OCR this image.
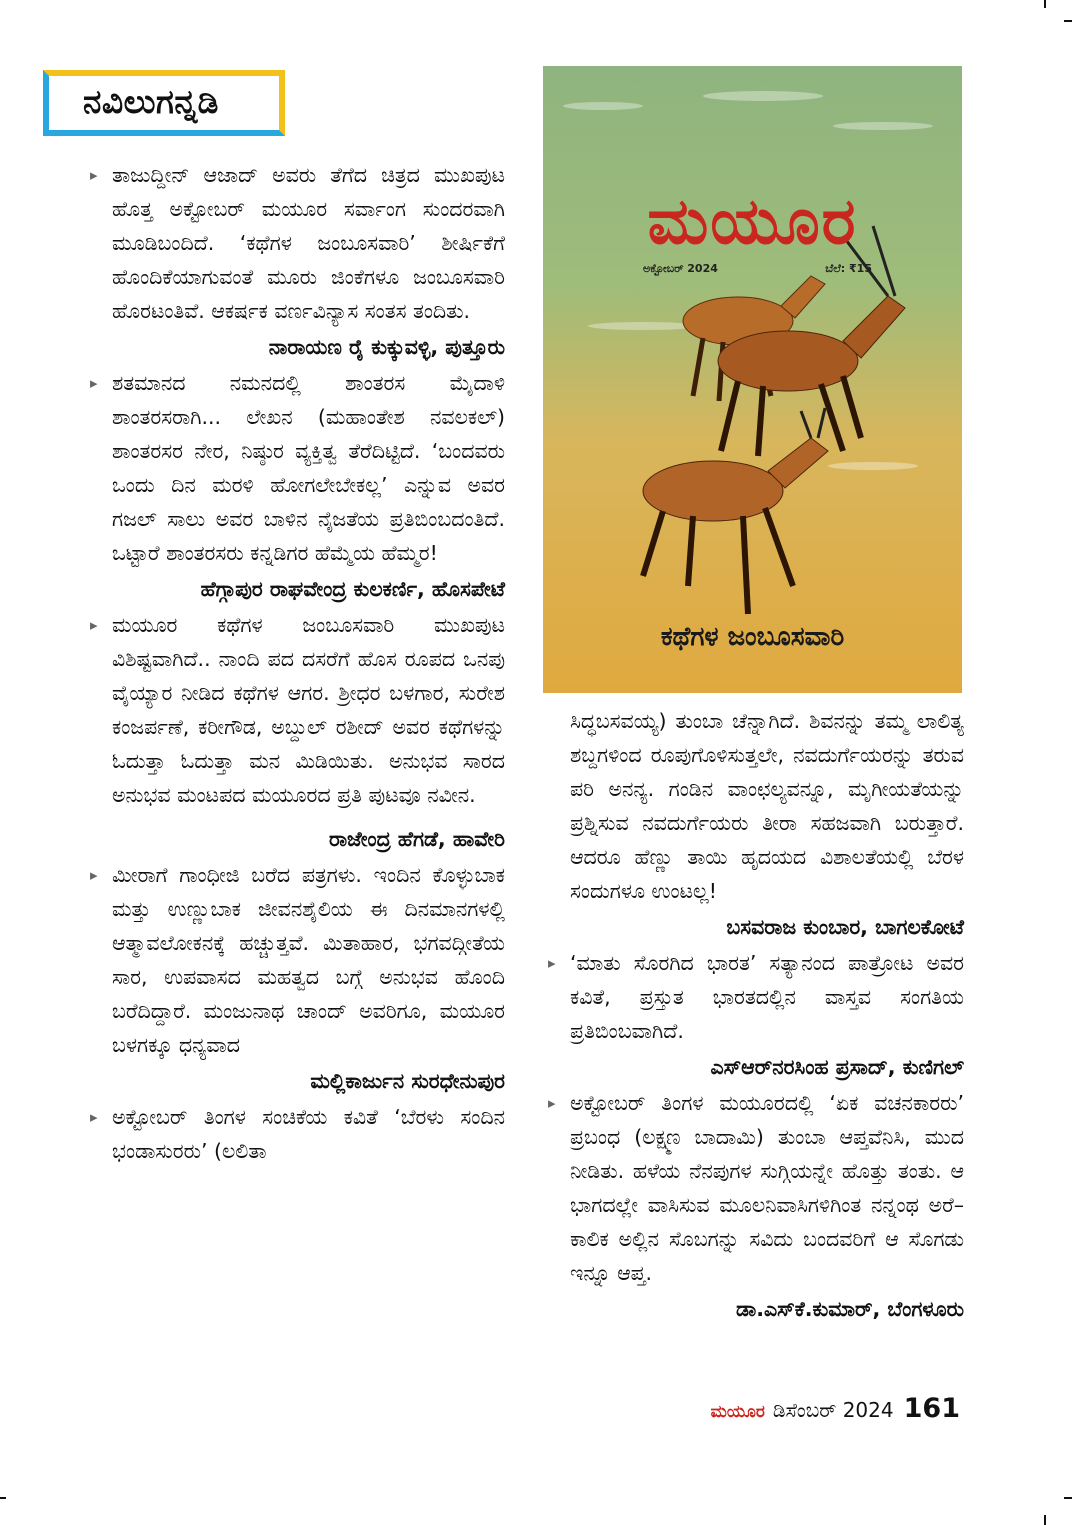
ನವಿಲುಗನ್ನಡಿ
▸ ತಾಜುದ್ದೀನ್ ಆಜಾದ್ ಅವರು ತೆಗೆದ ಚಿತ್ರದ ಮುಖಪುಟ ಹೊತ್ತ ಅಕ್ಟೋಬರ್ ಮಯೂರ ಸರ್ವಾಂಗ ಸುಂದರವಾಗಿ ಮೂಡಿಬಂದಿದೆ. ‘ಕಥೆಗಳ ಜಂಬೂಸವಾರಿ’ ಶೀರ್ಷಿಕೆಗೆ ಹೊಂದಿಕೆಯಾಗುವಂತೆ ಮೂರು ಜಿಂಕೆಗಳೂ ಜಂಬೂಸವಾರಿ ಹೊರಟಂತಿವೆ. ಆಕರ್ಷಕ ವರ್ಣವಿನ್ಯಾಸ ಸಂತಸ ತಂದಿತು.
ನಾರಾಯಣ ರೈ ಕುಕ್ಕುವಳ್ಳಿ, ಪುತ್ತೂರು
▸ ಶತಮಾನದ ನಮನದಲ್ಲಿ ಶಾಂತರಸ ಮೈದಾಳಿ ಶಾಂತರಸರಾಗಿ... ಲೇಖನ (ಮಹಾಂತೇಶ ನವಲಕಲ್) ಶಾಂತರಸರ ನೇರ, ನಿಷ್ಠುರ ವ್ಯಕ್ತಿತ್ವ ತೆರೆದಿಟ್ಟಿದೆ. ‘ಬಂದವರು ಒಂದು ದಿನ ಮರಳಿ ಹೋಗಲೇಬೇಕಲ್ಲ’ ಎನ್ನುವ ಅವರ ಗಜಲ್ ಸಾಲು ಅವರ ಬಾಳಿನ ನೈಜತೆಯ ಪ್ರತಿಬಿಂಬದಂತಿದೆ. ಒಟ್ಟಾರೆ ಶಾಂತರಸರು ಕನ್ನಡಿಗರ ಹೆಮ್ಮೆಯ ಹೆಮ್ಮರ!
ಹೆಗ್ಗಾಪುರ ರಾಘವೇಂದ್ರ ಕುಲಕರ್ಣಿ, ಹೊಸಪೇಟೆ
▸ ಮಯೂರ ಕಥೆಗಳ ಜಂಬೂಸವಾರಿ ಮುಖಪುಟ ವಿಶಿಷ್ಟವಾಗಿದೆ.. ನಾಂದಿ ಪದ ದಸರೆಗೆ ಹೊಸ ರೂಪದ ಒನಪು ವೈಯ್ಯಾರ ನೀಡಿದ ಕಥೆಗಳ ಆಗರ. ಶ್ರೀಧರ ಬಳಗಾರ, ಸುರೇಶ ಕಂಜರ್ಪಣೆ, ಕರೀಗೌಡ, ಅಬ್ದುಲ್ ರಶೀದ್ ಅವರ ಕಥೆಗಳನ್ನು ಓದುತ್ತಾ ಓದುತ್ತಾ ಮನ ಮಿಡಿಯಿತು. ಅನುಭವ ಸಾರದ ಅನುಭವ ಮಂಟಪದ ಮಯೂರದ ಪ್ರತಿ ಪುಟವೂ ನವೀನ.
ರಾಜೇಂದ್ರ ಹೆಗಡೆ, ಹಾವೇರಿ
▸ ಮೀರಾಗೆ ಗಾಂಧೀಜಿ ಬರೆದ ಪತ್ರಗಳು. ಇಂದಿನ ಕೊಳ್ಳುಬಾಕ ಮತ್ತು ಉಣ್ಣುಬಾಕ ಜೀವನಶೈಲಿಯ ಈ ದಿನಮಾನಗಳಲ್ಲಿ ಆತ್ಮಾವಲೋಕನಕ್ಕೆ ಹಚ್ಚುತ್ತವೆ. ಮಿತಾಹಾರ, ಭಗವದ್ಗೀತೆಯ ಸಾರ, ಉಪವಾಸದ ಮಹತ್ವದ ಬಗ್ಗೆ ಅನುಭವ ಹೊಂದಿ ಬರೆದಿದ್ದಾರೆ. ಮಂಜುನಾಥ ಚಾಂದ್ ಅವರಿಗೂ, ಮಯೂರ ಬಳಗಕ್ಕೂ ಧನ್ಯವಾದ
ಮಲ್ಲಿಕಾರ್ಜುನ ಸುರಧೇನುಪುರ
▸ ಅಕ್ಟೋಬರ್ ತಿಂಗಳ ಸಂಚಿಕೆಯ ಕವಿತೆ ‘ಬೆರಳು ಸಂದಿನ ಭಂಡಾಸುರರು’ (ಲಲಿತಾ
ಮಯೂರ
ಅಕ್ಟೋಬರ್ 2024	ಬೆಲೆ: ₹15
ಕಥೆಗಳ ಜಂಬೂಸವಾರಿ
ಸಿದ್ಧಬಸವಯ್ಯ) ತುಂಬಾ ಚೆನ್ನಾಗಿದೆ. ಶಿವನನ್ನು ತಮ್ಮ ಲಾಲಿತ್ಯ ಶಬ್ದಗಳಿಂದ ರೂಪುಗೊಳಿಸುತ್ತಲೇ, ನವದುರ್ಗೆಯರನ್ನು ತರುವ ಪರಿ ಅನನ್ಯ. ಗಂಡಿನ ವಾಂಛಲ್ಯವನ್ನೂ, ಮೃಗೀಯತೆಯನ್ನು ಪ್ರಶ್ನಿಸುವ ನವದುರ್ಗೆಯರು ತೀರಾ ಸಹಜವಾಗಿ ಬರುತ್ತಾರೆ. ಆದರೂ ಹೆಣ್ಣು ತಾಯಿ ಹೃದಯದ ವಿಶಾಲತೆಯಲ್ಲಿ ಬೆರಳ ಸಂದುಗಳೂ ಉಂಟಲ್ಲ!
ಬಸವರಾಜ ಕುಂಬಾರ, ಬಾಗಲಕೋಟೆ
▸ ‘ಮಾತು ಸೊರಗಿದ ಭಾರತ’ ಸತ್ಯಾನಂದ ಪಾತ್ರೋಟ ಅವರ ಕವಿತೆ, ಪ್ರಸ್ತುತ ಭಾರತದಲ್ಲಿನ ವಾಸ್ತವ ಸಂಗತಿಯ ಪ್ರತಿಬಿಂಬವಾಗಿದೆ.
ಎಸ್‌ಆರ್‌ನರಸಿಂಹ ಪ್ರಸಾದ್, ಕುಣಿಗಲ್
▸ ಅಕ್ಟೋಬರ್ ತಿಂಗಳ ಮಯೂರದಲ್ಲಿ ‘ಏಕ ವಚನಕಾರರು’ ಪ್ರಬಂಧ (ಲಕ್ಷ್ಮಣ ಬಾದಾಮಿ) ತುಂಬಾ ಆಪ್ತವೆನಿಸಿ, ಮುದ ನೀಡಿತು. ಹಳೆಯ ನೆನಪುಗಳ ಸುಗ್ಗಿಯನ್ನೇ ಹೊತ್ತು ತಂತು. ಆ ಭಾಗದಲ್ಲೇ ವಾಸಿಸುವ ಮೂಲನಿವಾಸಿಗಳಿಗಿಂತ ನನ್ನಂಥ ಅರೆ–ಕಾಲಿಕ ಅಲ್ಲಿನ ಸೊಬಗನ್ನು ಸವಿದು ಬಂದವರಿಗೆ ಆ ಸೊಗಡು ಇನ್ನೂ ಆಪ್ತ.
ಡಾ.ಎಸ್‌ಕೆ.ಕುಮಾರ್, ಬೆಂಗಳೂರು
ಮಯೂರ ಡಿಸೆಂಬರ್ 2024 161
